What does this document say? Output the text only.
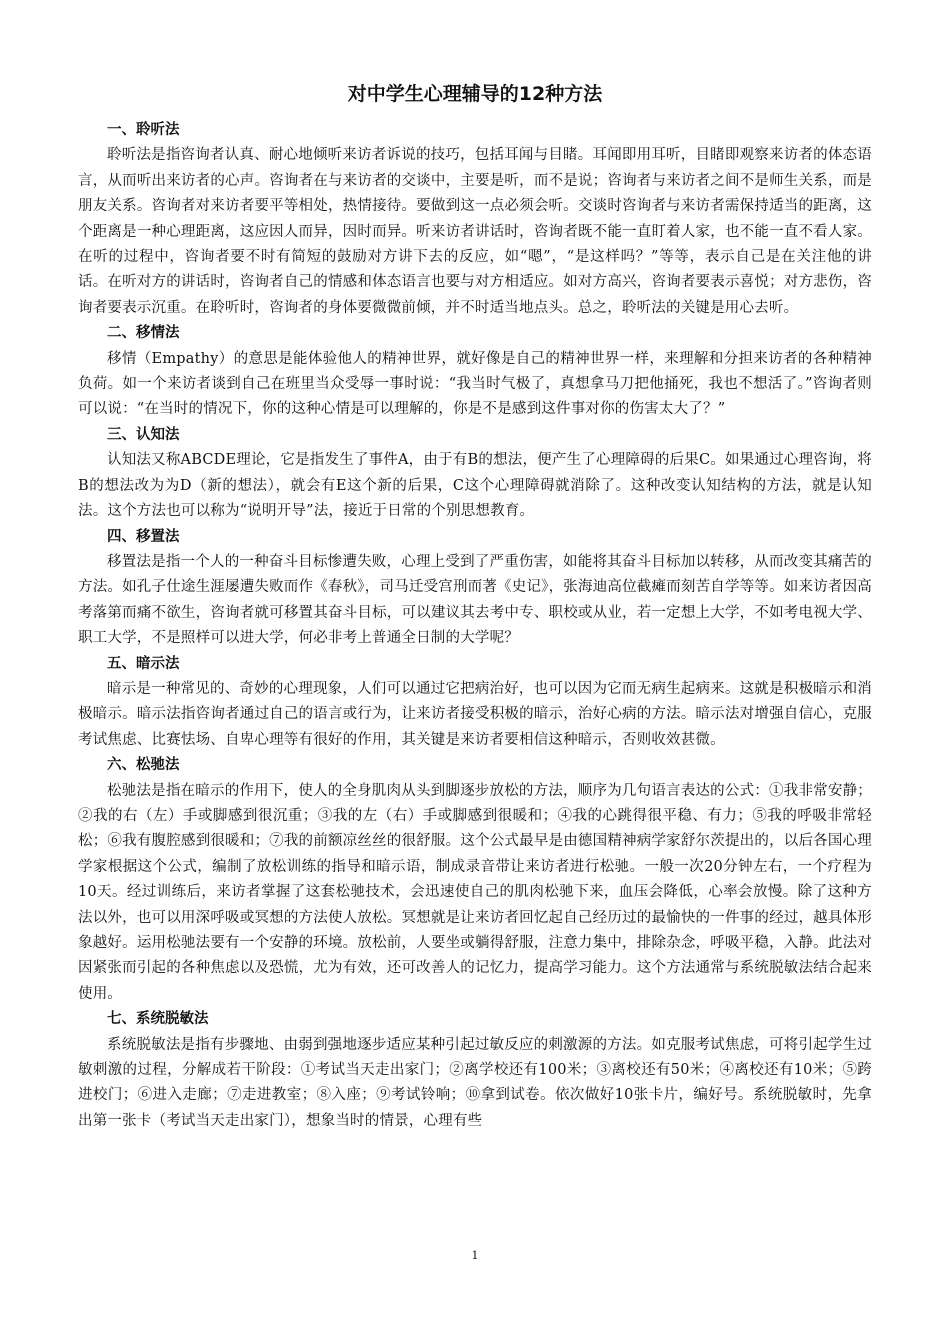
对中学生心理辅导的12种方法
一、聆听法

聆听法是指咨询者认真、耐心地倾听来访者诉说的技巧，包括耳闻与目睹。耳闻即用耳听，目睹即观察来访者的体态语言，从而听出来访者的心声。咨询者在与来访者的交谈中，主要是听，而不是说；咨询者与来访者之间不是师生关系，而是朋友关系。咨询者对来访者要平等相处，热情接待。要做到这一点必须会听。交谈时咨询者与来访者需保持适当的距离，这个距离是一种心理距离，这应因人而异，因时而异。听来访者讲话时，咨询者既不能一直盯着人家，也不能一直不看人家。在听的过程中，咨询者要不时有简短的鼓励对方讲下去的反应，如“嗯”，“是这样吗？”等等，表示自己是在关注他的讲话。在听对方的讲话时，咨询者自己的情感和体态语言也要与对方相适应。如对方高兴，咨询者要表示喜悦；对方悲伤，咨询者要表示沉重。在聆听时，咨询者的身体要微微前倾，并不时适当地点头。总之，聆听法的关键是用心去听。

二、移情法

移情（Empathy）的意思是能体验他人的精神世界，就好像是自己的精神世界一样，来理解和分担来访者的各种精神负荷。如一个来访者谈到自己在班里当众受辱一事时说：“我当时气极了，真想拿马刀把他捅死，我也不想活了。”咨询者则可以说：“在当时的情况下，你的这种心情是可以理解的，你是不是感到这件事对你的伤害太大了？”

三、认知法

认知法又称ABCDE理论，它是指发生了事件A，由于有B的想法，便产生了心理障碍的后果C。如果通过心理咨询，将B的想法改为为D（新的想法），就会有E这个新的后果，C这个心理障碍就消除了。这种改变认知结构的方法，就是认知法。这个方法也可以称为“说明开导”法，接近于日常的个别思想教育。

四、移置法

移置法是指一个人的一种奋斗目标惨遭失败，心理上受到了严重伤害，如能将其奋斗目标加以转移，从而改变其痛苦的方法。如孔子仕途生涯屡遭失败而作《春秋》，司马迁受宫刑而著《史记》，张海迪高位截瘫而刻苦自学等等。如来访者因高考落第而痛不欲生，咨询者就可移置其奋斗目标，可以建议其去考中专、职校或从业，若一定想上大学，不如考电视大学、职工大学，不是照样可以进大学，何必非考上普通全日制的大学呢？

五、暗示法

暗示是一种常见的、奇妙的心理现象，人们可以通过它把病治好，也可以因为它而无病生起病来。这就是积极暗示和消极暗示。暗示法指咨询者通过自己的语言或行为，让来访者接受积极的暗示，治好心病的方法。暗示法对增强自信心，克服考试焦虑、比赛怯场、自卑心理等有很好的作用，其关键是来访者要相信这种暗示，否则收效甚微。

六、松驰法

松驰法是指在暗示的作用下，使人的全身肌肉从头到脚逐步放松的方法，顺序为几句语言表达的公式：①我非常安静；②我的右（左）手或脚感到很沉重；③我的左（右）手或脚感到很暖和；④我的心跳得很平稳、有力；⑤我的呼吸非常轻松；⑥我有腹腔感到很暖和；⑦我的前额凉丝丝的很舒服。这个公式最早是由德国精神病学家舒尔茨提出的，以后各国心理学家根据这个公式，编制了放松训练的指导和暗示语，制成录音带让来访者进行松驰。一般一次20分钟左右，一个疗程为10天。经过训练后，来访者掌握了这套松驰技术，会迅速使自己的肌肉松驰下来，血压会降低，心率会放慢。除了这种方法以外，也可以用深呼吸或冥想的方法使人放松。冥想就是让来访者回忆起自己经历过的最愉快的一件事的经过，越具体形象越好。运用松驰法要有一个安静的环境。放松前，人要坐或躺得舒服，注意力集中，排除杂念，呼吸平稳，入静。此法对因紧张而引起的各种焦虑以及恐慌，尤为有效，还可改善人的记忆力，提高学习能力。这个方法通常与系统脱敏法结合起来使用。

七、系统脱敏法

系统脱敏法是指有步骤地、由弱到强地逐步适应某种引起过敏反应的刺激源的方法。如克服考试焦虑，可将引起学生过敏刺激的过程，分解成若干阶段：①考试当天走出家门；②离学校还有100米；③离校还有50米；④离校还有10米；⑤跨进校门；⑥进入走廊；⑦走进教室；⑧入座；⑨考试铃响；⑩拿到试卷。依次做好10张卡片，编好号。系统脱敏时，先拿出第一张卡（考试当天走出家门），想象当时的情景，心理有些

1
